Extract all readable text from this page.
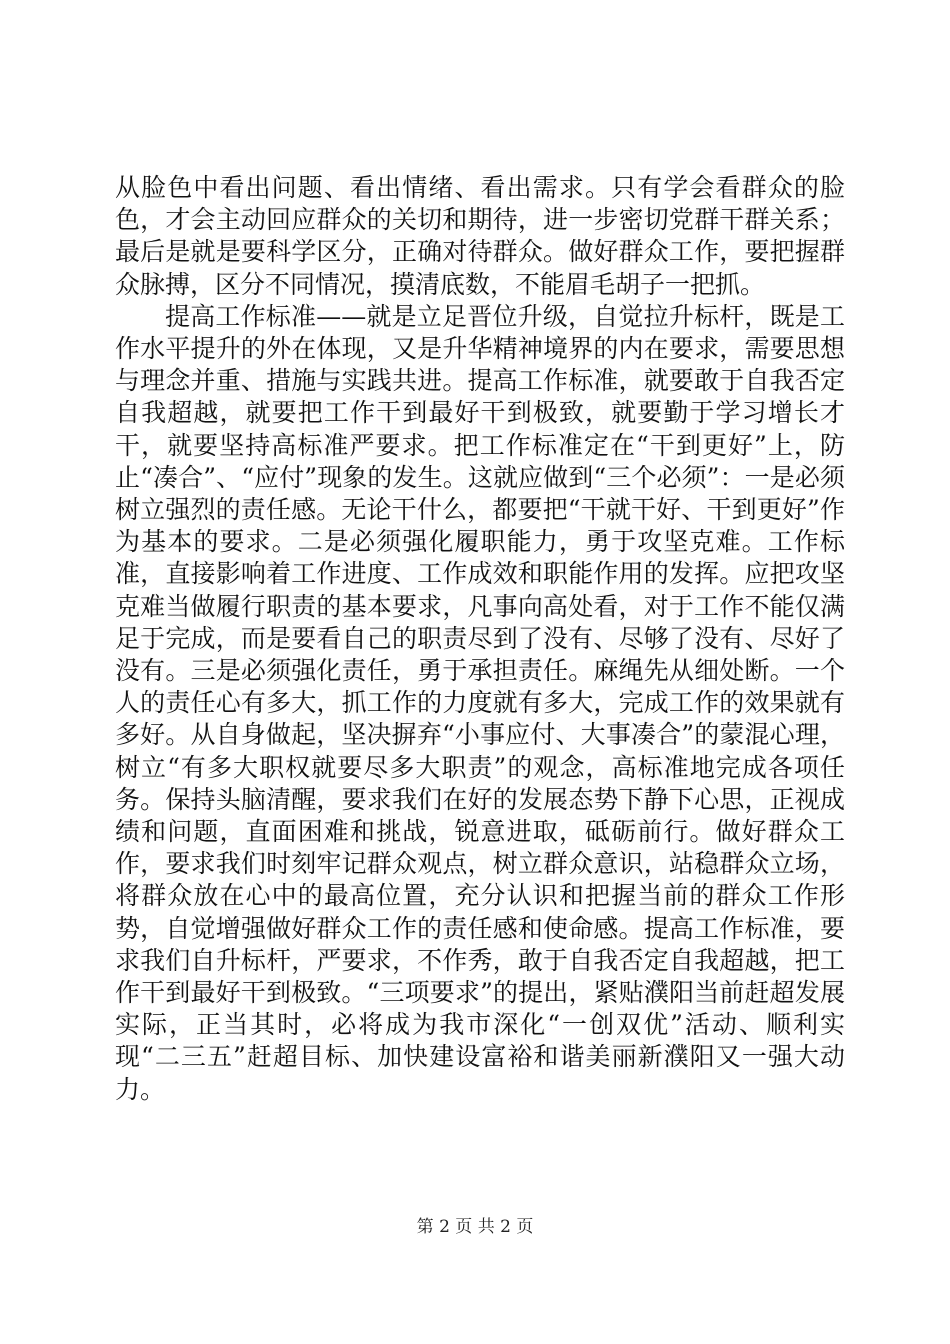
从脸色中看出问题、看出情绪、看出需求。只有学会看群众的脸色，才会主动回应群众的关切和期待，进一步密切党群干群关系；最后是就是要科学区分，正确对待群众。做好群众工作，要把握群众脉搏，区分不同情况，摸清底数，不能眉毛胡子一把抓。

提高工作标准——就是立足晋位升级，自觉拉升标杆，既是工作水平提升的外在体现，又是升华精神境界的内在要求，需要思想与理念并重、措施与实践共进。提高工作标准，就要敢于自我否定自我超越，就要把工作干到最好干到极致，就要勤于学习增长才干，就要坚持高标准严要求。把工作标准定在“干到更好”上，防止“凑合”、“应付”现象的发生。这就应做到“三个必须”：一是必须树立强烈的责任感。无论干什么，都要把“干就干好、干到更好”作为基本的要求。二是必须强化履职能力，勇于攻坚克难。工作标准，直接影响着工作进度、工作成效和职能作用的发挥。应把攻坚克难当做履行职责的基本要求，凡事向高处看，对于工作不能仅满足于完成，而是要看自己的职责尽到了没有、尽够了没有、尽好了没有。三是必须强化责任，勇于承担责任。麻绳先从细处断。一个人的责任心有多大，抓工作的力度就有多大，完成工作的效果就有多好。从自身做起，坚决摒弃“小事应付、大事凑合”的蒙混心理，树立“有多大职权就要尽多大职责”的观念，高标准地完成各项任务。保持头脑清醒，要求我们在好的发展态势下静下心思，正视成绩和问题，直面困难和挑战，锐意进取，砥砺前行。做好群众工作，要求我们时刻牢记群众观点，树立群众意识，站稳群众立场，将群众放在心中的最高位置，充分认识和把握当前的群众工作形势，自觉增强做好群众工作的责任感和使命感。提高工作标准，要求我们自升标杆，严要求，不作秀，敢于自我否定自我超越，把工作干到最好干到极致。“三项要求”的提出，紧贴濮阳当前赶超发展实际，正当其时，必将成为我市深化“一创双优”活动、顺利实现“二三五”赶超目标、加快建设富裕和谐美丽新濮阳又一强大动力。

第 2 页 共 2 页
